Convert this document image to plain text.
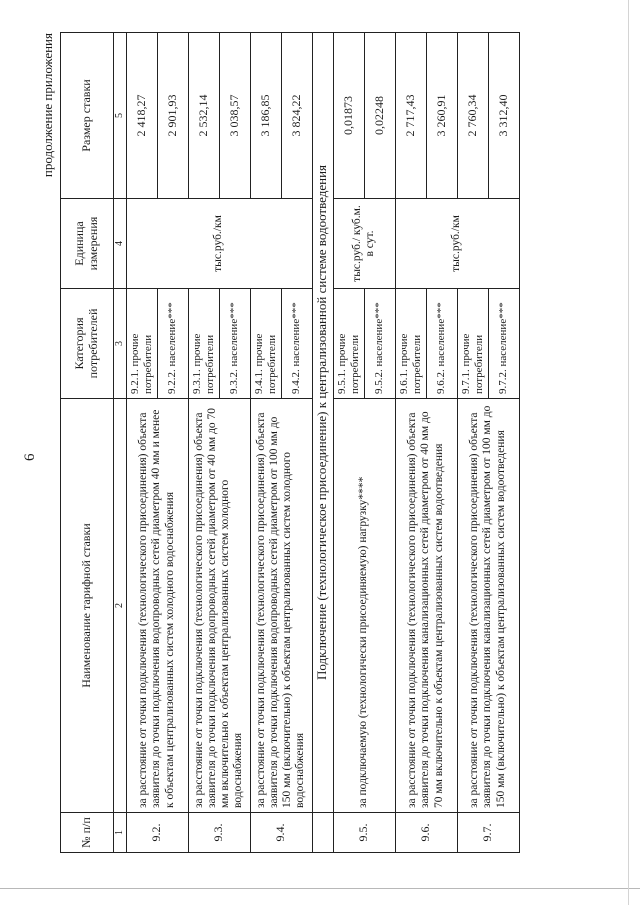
6
продолжение приложения
№ п/п	Наименование тарифной ставки	Категория потребителей	Единица измерения	Размер ставки
1	2	3	4	5
9.2.	за расстояние от точки подключения (технологического присоединения) объекта заявителя до точки подключения водопроводных сетей диаметром 40 мм и менее к объектам централизованных систем холодного водоснабжения	9.2.1. прочие потребители	тыс.руб./км	2 418,27
		9.2.2. население***		2 901,93
9.3.	за расстояние от точки подключения (технологического присоединения) объекта заявителя до точки подключения водопроводных сетей диаметром от 40 мм до 70 мм включительно к объектам централизованных систем холодного водоснабжения	9.3.1. прочие потребители		2 532,14
		9.3.2. население***		3 038,57
9.4.	за расстояние от точки подключения (технологического присоединения) объекта заявителя до точки подключения водопроводных сетей диаметром от 100 мм до 150 мм (включительно) к объектам централизованных систем холодного водоснабжения	9.4.1. прочие потребители		3 186,85
		9.4.2. население***		3 824,22
	Подключение (технологическое присоединение) к централизованной системе водоотведения			
9.5.	за подключаемую (технологически присоединяемую) нагрузку****	9.5.1. прочие потребители	тыс.руб./ куб.м. в сут.	0,01873
		9.5.2. население***		0,02248
9.6.	за расстояние от точки подключения (технологического присоединения) объекта заявителя до точки подключения канализационных сетей диаметром от 40 мм до 70 мм включительно к объектам централизованных систем водоотведения	9.6.1. прочие потребители	тыс.руб./км	2 717,43
		9.6.2. население***		3 260,91
9.7.	за расстояние от точки подключения (технологического присоединения) объекта заявителя до точки подключения канализационных сетей диаметром от 100 мм до 150 мм (включительно) к объектам централизованных систем водоотведения	9.7.1. прочие потребители		2 760,34
		9.7.2. население***		3 312,40
